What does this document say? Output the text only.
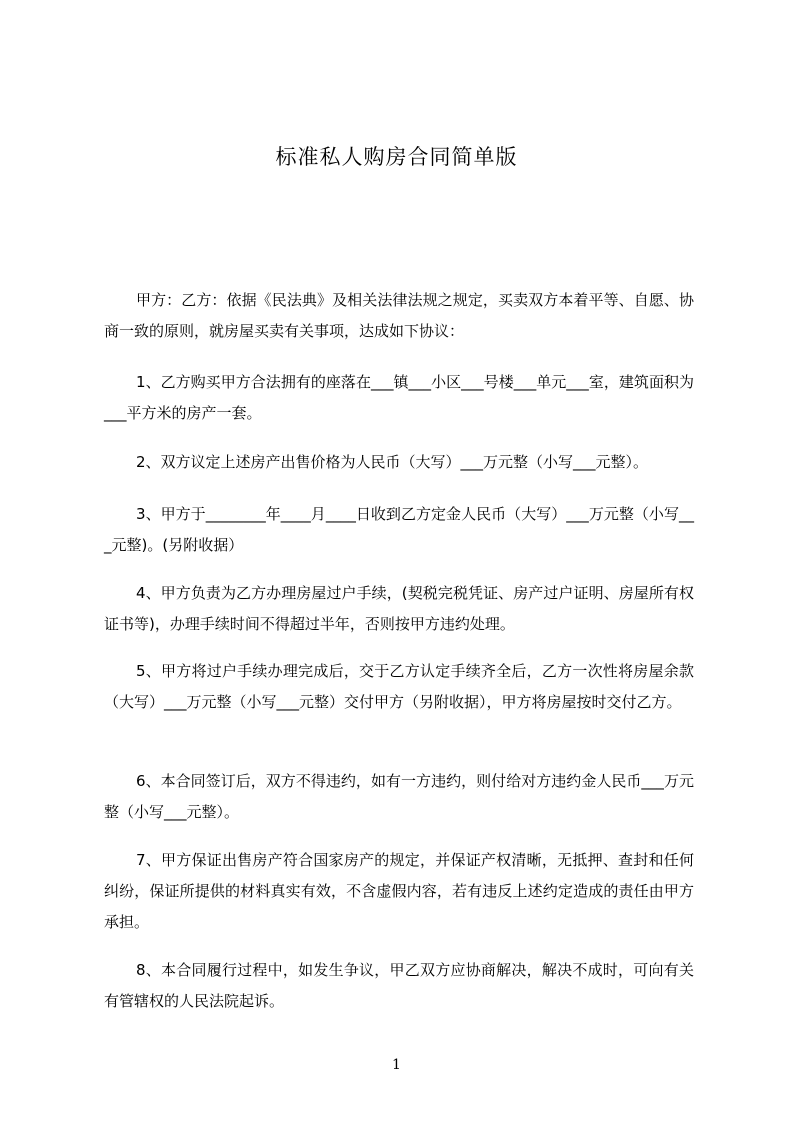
标准私人购房合同简单版

甲方：乙方：依据《民法典》及相关法律法规之规定，买卖双方本着平等、自愿、协商一致的原则，就房屋买卖有关事项，达成如下协议：

1、乙方购买甲方合法拥有的座落在___镇___小区___号楼___单元___室，建筑面积为___平方米的房产一套。

2、双方议定上述房产出售价格为人民币（大写）___万元整（小写___元整）。

3、甲方于________年____月____日收到乙方定金人民币（大写）___万元整（小写___元整)。(另附收据）

4、甲方负责为乙方办理房屋过户手续，(契税完税凭证、房产过户证明、房屋所有权证书等)，办理手续时间不得超过半年，否则按甲方违约处理。

5、甲方将过户手续办理完成后，交于乙方认定手续齐全后，乙方一次性将房屋余款（大写）___万元整（小写___元整）交付甲方（另附收据），甲方将房屋按时交付乙方。

6、本合同签订后，双方不得违约，如有一方违约，则付给对方违约金人民币___万元整（小写___元整）。

7、甲方保证出售房产符合国家房产的规定，并保证产权清晰，无抵押、查封和任何纠纷，保证所提供的材料真实有效，不含虚假内容，若有违反上述约定造成的责任由甲方承担。

8、本合同履行过程中，如发生争议，甲乙双方应协商解决，解决不成时，可向有关有管辖权的人民法院起诉。

1
